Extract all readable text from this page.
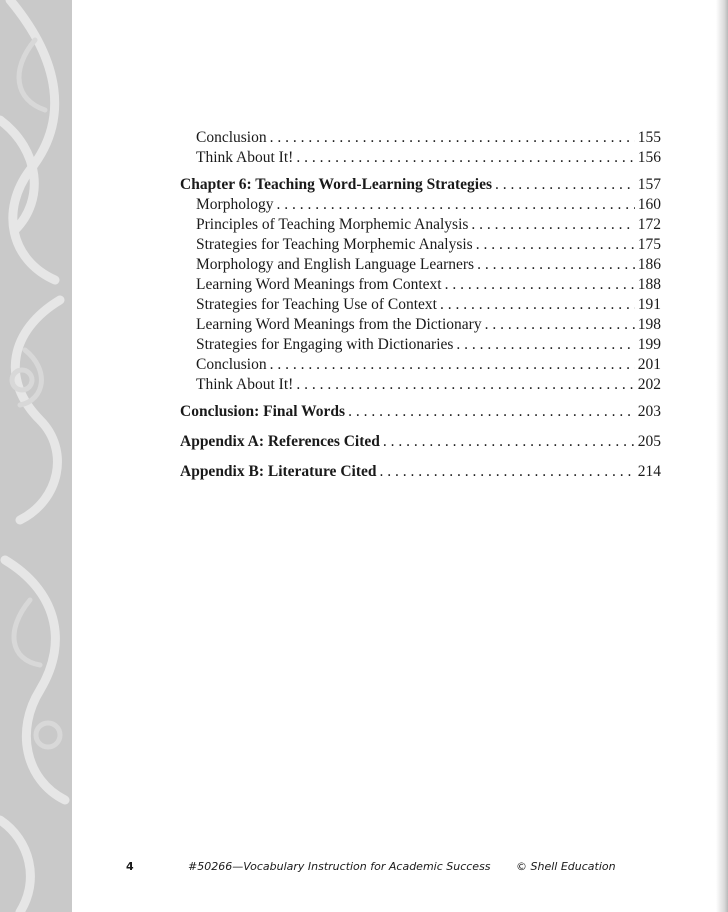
Conclusion . . .	155
Think About It! . . .	156
Chapter 6: Teaching Word-Learning Strategies . . .	157
Morphology . . .	160
Principles of Teaching Morphemic Analysis . . .	172
Strategies for Teaching Morphemic Analysis . . .	175
Morphology and English Language Learners . . .	186
Learning Word Meanings from Context . . .	188
Strategies for Teaching Use of Context . . .	191
Learning Word Meanings from the Dictionary . . .	198
Strategies for Engaging with Dictionaries . . .	199
Conclusion . . .	201
Think About It! . . .	202
Conclusion: Final Words . . .	203
Appendix A: References Cited . . .	205
Appendix B: Literature Cited . . .	214
4	#50266—Vocabulary Instruction for Academic Success © Shell Education
